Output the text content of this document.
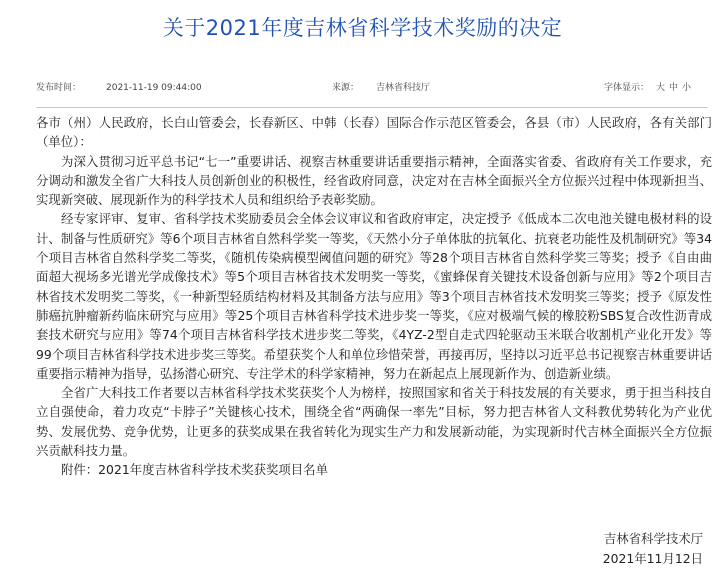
关于2021年度吉林省科学技术奖励的决定
发布时间：	2021-11-19 09:44:00	来源： 吉林省科技厅	字体显示： 大 中 小

各市（州）人民政府，长白山管委会，长春新区、中韩（长春）国际合作示范区管委会，各县（市）人民政府，各有关部门（单位）：

为深入贯彻习近平总书记“七一”重要讲话、视察吉林重要讲话重要指示精神，全面落实省委、省政府有关工作要求，充分调动和激发全省广大科技人员创新创业的积极性，经省政府同意，决定对在吉林全面振兴全方位振兴过程中体现新担当、实现新突破、展现新作为的科学技术人员和组织给予表彰奖励。

经专家评审、复审、省科学技术奖励委员会全体会议审议和省政府审定，决定授予《低成本二次电池关键电极材料的设计、制备与性质研究》等6个项目吉林省自然科学奖一等奖，《天然小分子单体肽的抗氧化、抗衰老功能性及机制研究》等34个项目吉林省自然科学奖二等奖，《随机传染病模型阈值问题的研究》等28个项目吉林省自然科学奖三等奖；授予《自由曲面超大视场多光谱光学成像技术》等5个项目吉林省技术发明奖一等奖，《蜜蜂保育关键技术设备创新与应用》等2个项目吉林省技术发明奖二等奖，《一种新型轻质结构材料及其制备方法与应用》等3个项目吉林省技术发明奖三等奖；授予《原发性肺癌抗肿瘤新药临床研究与应用》等25个项目吉林省科学技术进步奖一等奖，《应对极端气候的橡胶粉SBS复合改性沥青成套技术研究与应用》等74个项目吉林省科学技术进步奖二等奖，《4YZ-2型自走式四轮驱动玉米联合收割机产业化开发》等99个项目吉林省科学技术进步奖三等奖。希望获奖个人和单位珍惜荣誉，再接再厉，坚持以习近平总书记视察吉林重要讲话重要指示精神为指导，弘扬潜心研究、专注学术的科学家精神，努力在新起点上展现新作为、创造新业绩。

全省广大科技工作者要以吉林省科学技术奖获奖个人为榜样，按照国家和省关于科技发展的有关要求，勇于担当科技自立自强使命，着力攻克“卡脖子”关键核心技术，围绕全省“两确保一率先”目标，努力把吉林省人文科教优势转化为产业优势、发展优势、竞争优势，让更多的获奖成果在我省转化为现实生产力和发展新动能，为实现新时代吉林全面振兴全方位振兴贡献科技力量。

附件：2021年度吉林省科学技术奖获奖项目名单

吉林省科学技术厅
2021年11月12日
